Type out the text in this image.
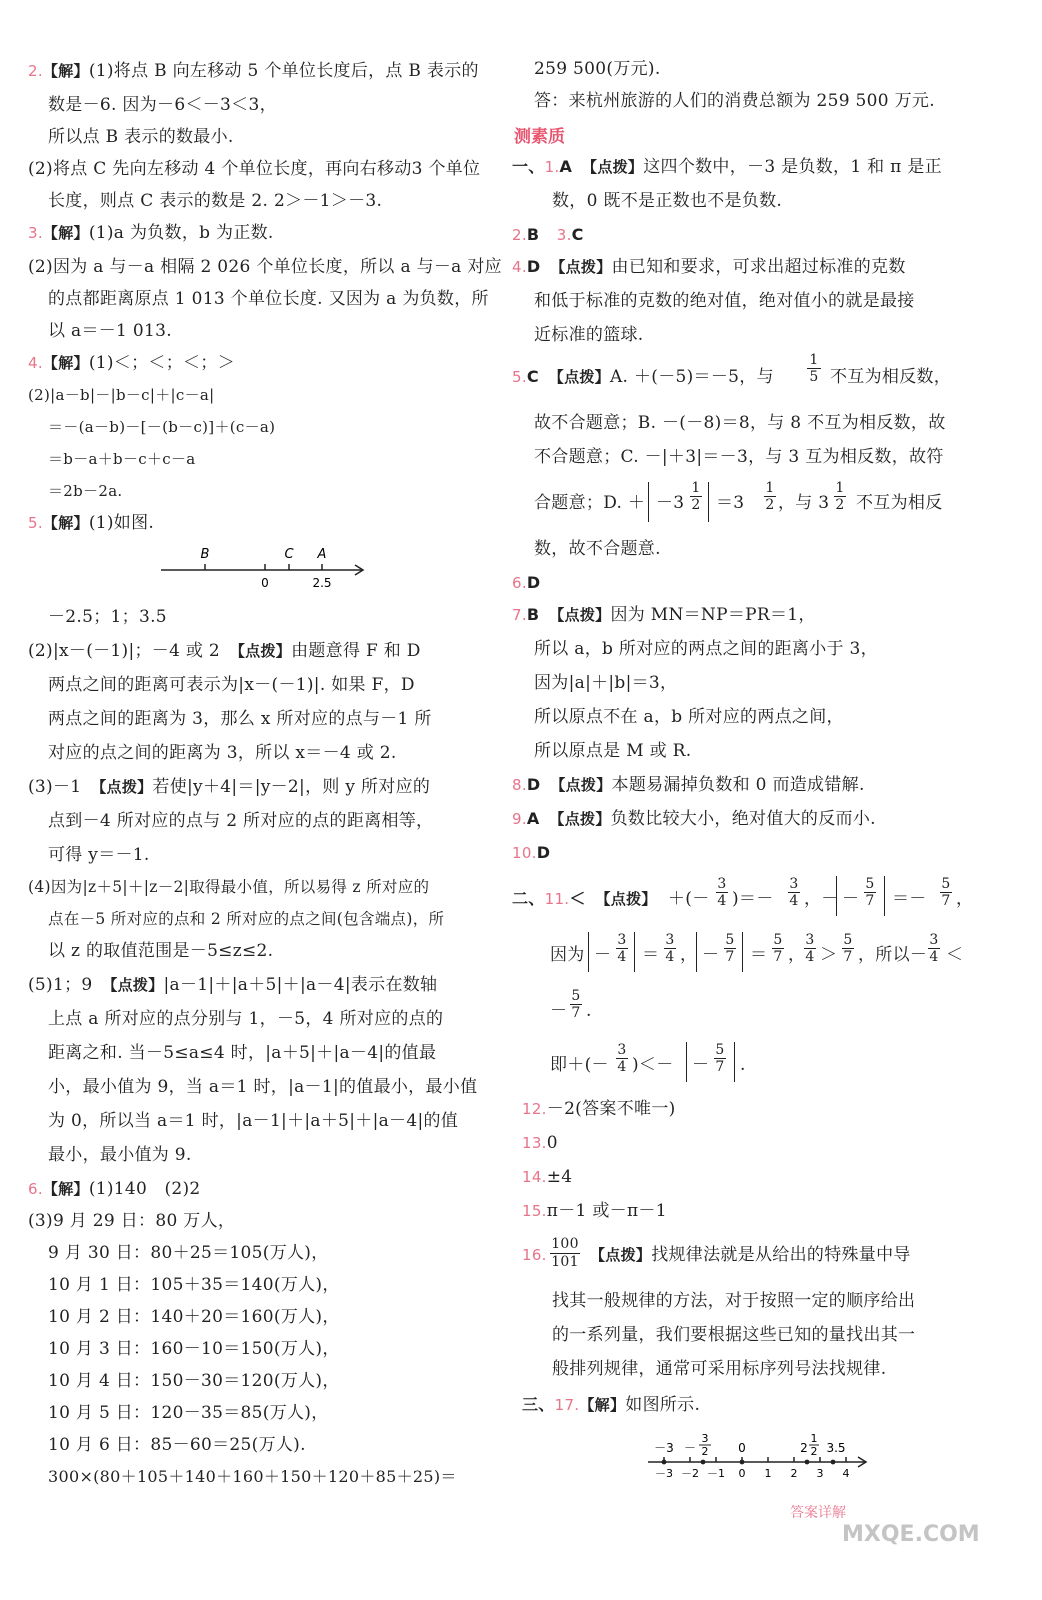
2.【解】(1)将点 B 向左移动 5 个单位长度后，点 B 表示的
数是－6. 因为－6＜－3＜3，
所以点 B 表示的数最小.
(2)将点 C 先向左移动 4 个单位长度，再向右移动3 个单位
长度，则点 C 表示的数是 2. 2＞－1＞－3.
3.【解】(1)a 为负数，b 为正数.
(2)因为 a 与－a 相隔 2 026 个单位长度，所以 a 与－a 对应
的点都距离原点 1 013 个单位长度. 又因为 a 为负数，所
以 a＝－1 013.
4.【解】(1)＜；＜；＜；＞
(2)|a－b|－|b－c|＋|c－a|
＝－(a－b)－[－(b－c)]＋(c－a)
＝b－a＋b－c＋c－a
＝2b－2a.
5.【解】(1)如图.
B	C A
0	2.5
－2.5；1；3.5
(2)|x－(－1)|；－4 或 2　 【点拨】由题意得 F 和 D
两点之间的距离可表示为|x－(－1)|. 如果 F，D
两点之间的距离为 3，那么 x 所对应的点与－1 所
对应的点之间的距离为 3，所以 x＝－4 或 2.
(3)－1　 【点拨】若使|y＋4|＝|y－2|，则 y 所对应的
点到－4 所对应的点与 2 所对应的点的距离相等，
可得 y＝－1.
(4)因为|z＋5|＋|z－2|取得最小值，所以易得 z 所对应的
点在－5 所对应的点和 2 所对应的点之间(包含端点)，所
以 z 的取值范围是－5≤z≤2.
(5)1；9　 【点拨】|a－1|＋|a＋5|＋|a－4|表示在数轴
上点 a 所对应的点分别与 1，－5，4 所对应的点的
距离之和. 当－5≤a≤4 时，|a＋5|＋|a－4|的值最
小，最小值为 9，当 a＝1 时，|a－1|的值最小，最小值
为 0，所以当 a＝1 时，|a－1|＋|a＋5|＋|a－4|的值
最小，最小值为 9.
6.【解】(1)140　(2)2
(3)9 月 29 日：80 万人，
9 月 30 日：80＋25＝105(万人)，
10 月 1 日：105＋35＝140(万人)，
10 月 2 日：140＋20＝160(万人)，
10 月 3 日：160－10＝150(万人)，
10 月 4 日：150－30＝120(万人)，
10 月 5 日：120－35＝85(万人)，
10 月 6 日：85－60＝25(万人).
300×(80＋105＋140＋160＋150＋120＋85＋25)＝
259 500(万元).
答：来杭州旅游的人们的消费总额为 259 500 万元.
测素质
一、1.A　 【点拨】这四个数中，－3 是负数，1 和 π 是正
数，0 既不是正数也不是负数.
2.B　 3.C
4.D　 【点拨】由已知和要求，可求出超过标准的克数
和低于标准的克数的绝对值，绝对值小的就是最接
近标准的篮球.
5.C　 【点拨】A. ＋(－5)＝－5，与
1
5 不互为相反数，
故不合题意；B. －(－8)＝8，与 8 不互为相反数，故
不合题意；C. －|＋3|＝－3，与 3 互为相反数，故符
合题意；D. ＋ －3
1
2 ＝3
1
2 ，与 3
1
2 不互为相反
数，故不合题意.
6.D
7.B　 【点拨】因为 MN＝NP＝PR＝1，
所以 a，b 所对应的两点之间的距离小于 3，
因为|a|＋|b|＝3，
所以原点不在 a，b 所对应的两点之间，
所以原点是 M 或 R.
8.D　 【点拨】本题易漏掉负数和 0 而造成错解.
9.A　 【点拨】负数比较大小，绝对值大的反而小.
10.D
二、11.＜　 【点拨】 ＋(－
3
4 )＝－
3
4 ，－ －
5
7 ＝－
5
7 ，
因为 －
3
4 ＝
3
4 ， －
5
7 ＝
5
7 ，
3
4 ＞
5
7 ，所以－
3
4 ＜
－
5
7 .
即＋(－
3
4 )＜－ －
5
7 .
12.－2(答案不唯一)
13.0
14.±4
15.π－1 或－π－1
16.
100
101 【点拨】找规律法就是从给出的特殊量中导
找其一般规律的方法，对于按照一定的顺序给出
的一系列量，我们要根据这些已知的量找出其一
般排列规律，通常可采用标序列号法找规律.
三、17.【解】如图所示.
－3 －
3
2 0	2
1
2 3.5
－3 －2 －1 0 1 2 3 4
答案详解
MXQE.COM
